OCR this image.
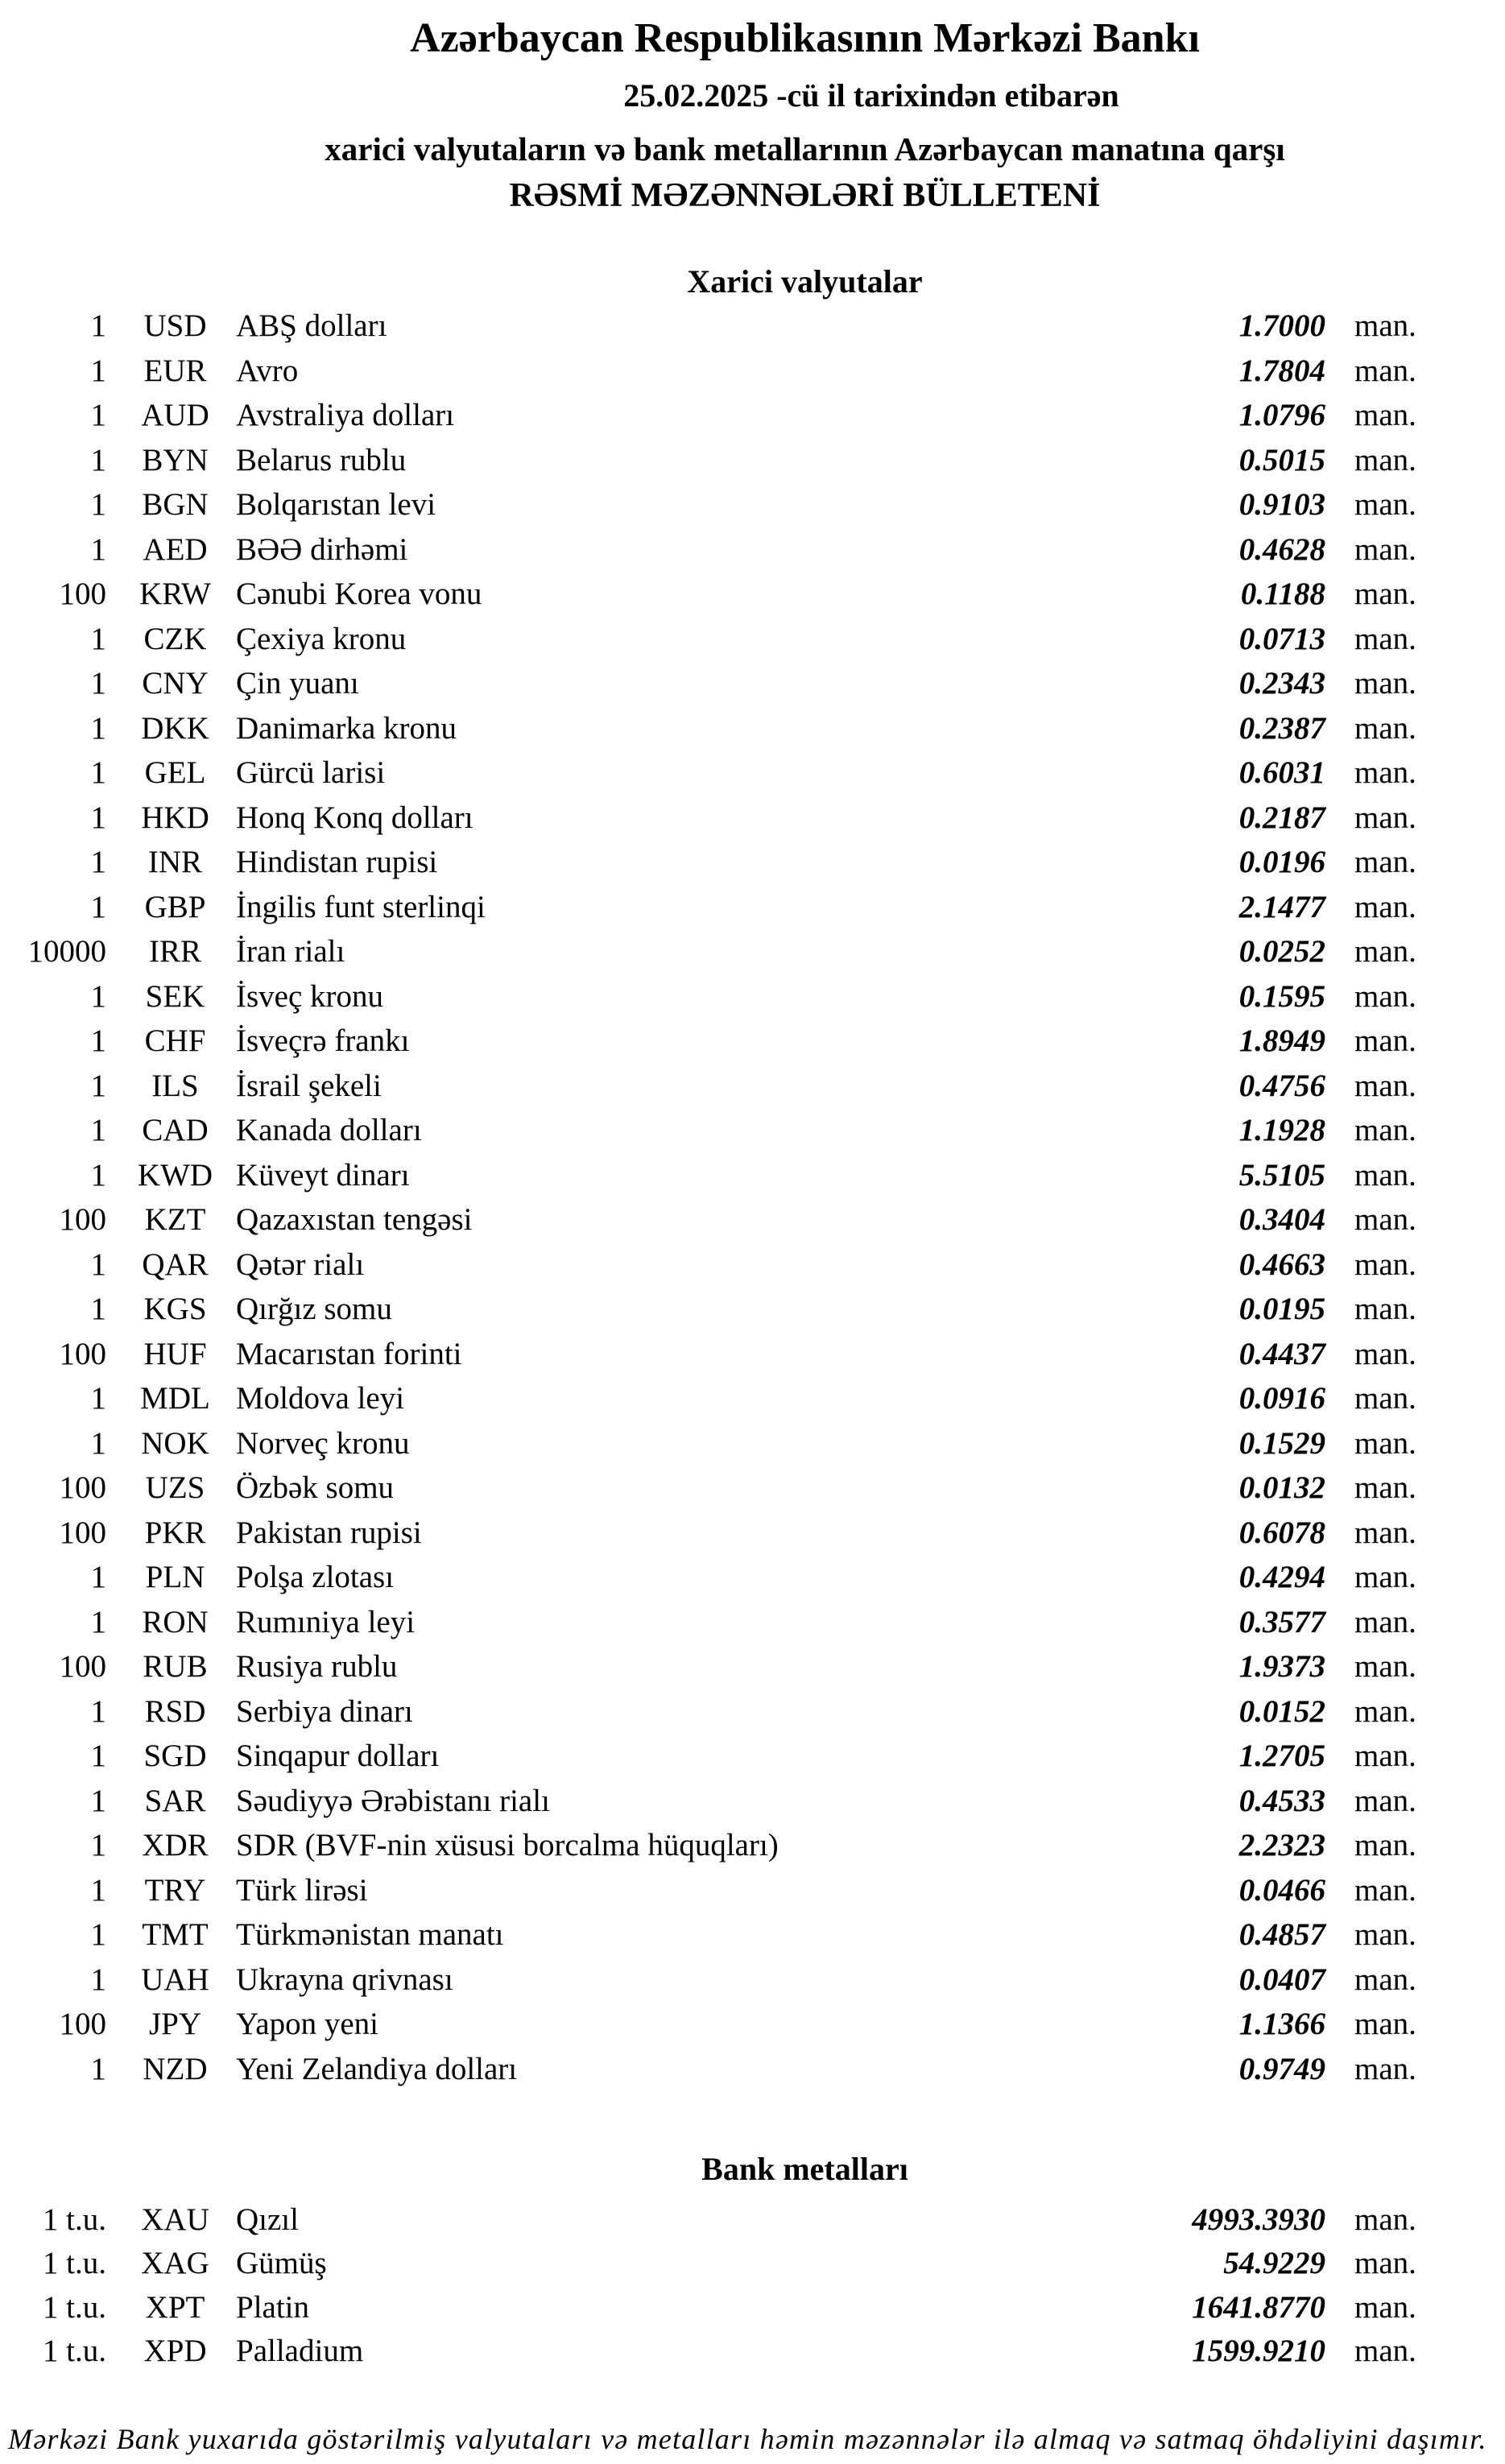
Azərbaycan Respublikasının Mərkəzi Bankı
25.02.2025 -cü il tarixindən etibarən
xarici valyutaların və bank metallarının Azərbaycan manatına qarşı
RƏSMİ MƏZƏNNƏLƏRİ BÜLLETENİ
Xarici valyutalar
1	USD ABŞ dolları	1.7000 man.
1	EUR Avro	1.7804 man.
1	AUD Avstraliya dolları	1.0796 man.
1	BYN Belarus rublu	0.5015 man.
1	BGN Bolqarıstan levi	0.9103 man.
1	AED BƏƏ dirhəmi	0.4628 man.
100	KRW Cənubi Korea vonu	0.1188 man.
1	CZK Çexiya kronu	0.0713 man.
1	CNY Çin yuanı	0.2343 man.
1	DKK Danimarka kronu	0.2387 man.
1	GEL Gürcü larisi	0.6031 man.
1	HKD Honq Konq dolları	0.2187 man.
1	INR	Hindistan rupisi	0.0196 man.
1	GBP İngilis funt sterlinqi	2.1477 man.
10000	IRR	İran rialı	0.0252 man.
1	SEK İsveç kronu	0.1595 man.
1	CHF İsveçrə frankı	1.8949 man.
1	ILS	İsrail şekeli	0.4756 man.
1	CAD Kanada dolları	1.1928 man.
1 KWD Küveyt dinarı	5.5105 man.
100	KZT Qazaxıstan tengəsi	0.3404 man.
1	QAR Qətər rialı	0.4663 man.
1	KGS Qırğız somu	0.0195 man.
100	HUF Macarıstan forinti	0.4437 man.
1	MDL Moldova leyi	0.0916 man.
1	NOK Norveç kronu	0.1529 man.
100	UZS Özbək somu	0.0132 man.
100	PKR Pakistan rupisi	0.6078 man.
1	PLN Polşa zlotası	0.4294 man.
1	RON Rumıniya leyi	0.3577 man.
100	RUB Rusiya rublu	1.9373 man.
1	RSD Serbiya dinarı	0.0152 man.
1	SGD Sinqapur dolları	1.2705 man.
1	SAR Səudiyyə Ərəbistanı rialı	0.4533 man.
1	XDR SDR (BVF-nin xüsusi borcalma hüquqları)	2.2323 man.
1	TRY Türk lirəsi	0.0466 man.
1	TMT Türkmənistan manatı	0.4857 man.
1	UAH Ukrayna qrivnası	0.0407 man.
100	JPY	Yapon yeni	1.1366 man.
1	NZD Yeni Zelandiya dolları	0.9749 man.
Bank metalları
1 t.u.	XAU Qızıl	4993.3930 man.
1 t.u.	XAG Gümüş	54.9229 man.
1 t.u.	XPT Platin	1641.8770 man.
1 t.u.	XPD Palladium	1599.9210 man.
Mərkəzi Bank yuxarıda göstərilmiş valyutaları və metalları həmin məzənnələr ilə almaq və satmaq öhdəliyini daşımır.
